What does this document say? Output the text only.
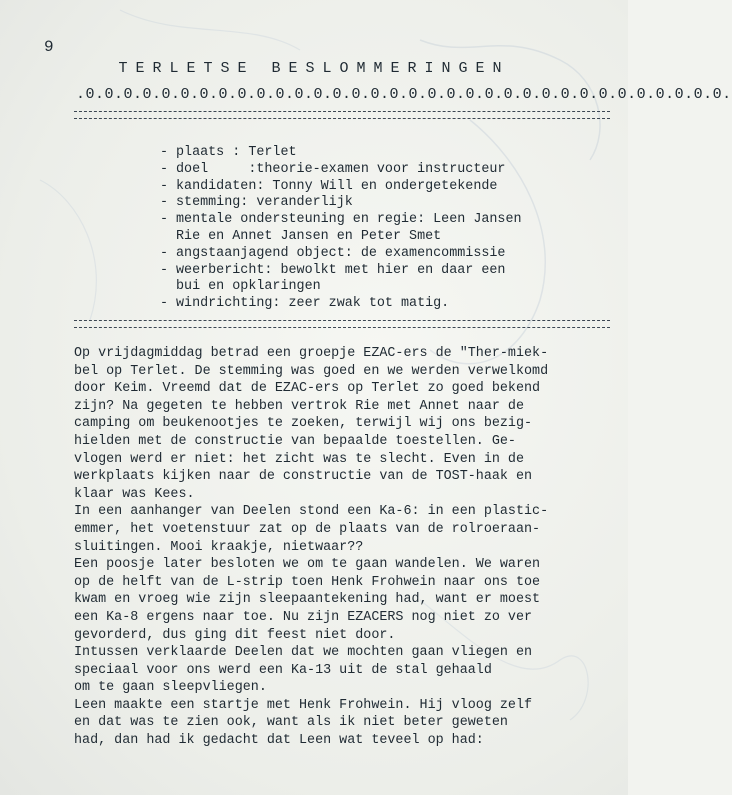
9
TERLETSE BESLOMMERINGEN
.0.0.0.0.0.0.0.0.0.0.0.0.0.0.0.0.0.0.0.0.0.0.0.0.0.0.0.0.0.0.0.0.0.0.
- plaats : Terlet
- doel     :theorie-examen voor instructeur
- kandidaten: Tonny Will en ondergetekende
- stemming: veranderlijk
- mentale ondersteuning en regie: Leen Jansen
Rie en Annet Jansen en Peter Smet
- angstaanjagend object: de examencommissie
- weerbericht: bewolkt met hier en daar een
bui en opklaringen
- windrichting: zeer zwak tot matig.
Op vrijdagmiddag betrad een groepje EZAC-ers de "Ther-miek-
bel op Terlet. De stemming was goed en we werden verwelkomd
door Keim. Vreemd dat de EZAC-ers op Terlet zo goed bekend
zijn? Na gegeten te hebben vertrok Rie met Annet naar de
camping om beukenootjes te zoeken, terwijl wij ons bezig-
hielden met de constructie van bepaalde toestellen. Ge-
vlogen werd er niet: het zicht was te slecht. Even in de
werkplaats kijken naar de constructie van de TOST-haak en
klaar was Kees.
In een aanhanger van Deelen stond een Ka-6: in een plastic-
emmer, het voetenstuur zat op de plaats van de rolroeraan-
sluitingen. Mooi kraakje, nietwaar??
Een poosje later besloten we om te gaan wandelen. We waren
op de helft van de L-strip toen Henk Frohwein naar ons toe
kwam en vroeg wie zijn sleepaantekening had, want er moest
een Ka-8 ergens naar toe. Nu zijn EZACERS nog niet zo ver
gevorderd, dus ging dit feest niet door.
Intussen verklaarde Deelen dat we mochten gaan vliegen en
speciaal voor ons werd een Ka-13 uit de stal gehaald
om te gaan sleepvliegen.
Leen maakte een startje met Henk Frohwein. Hij vloog zelf
en dat was te zien ook, want als ik niet beter geweten
had, dan had ik gedacht dat Leen wat teveel op had:
